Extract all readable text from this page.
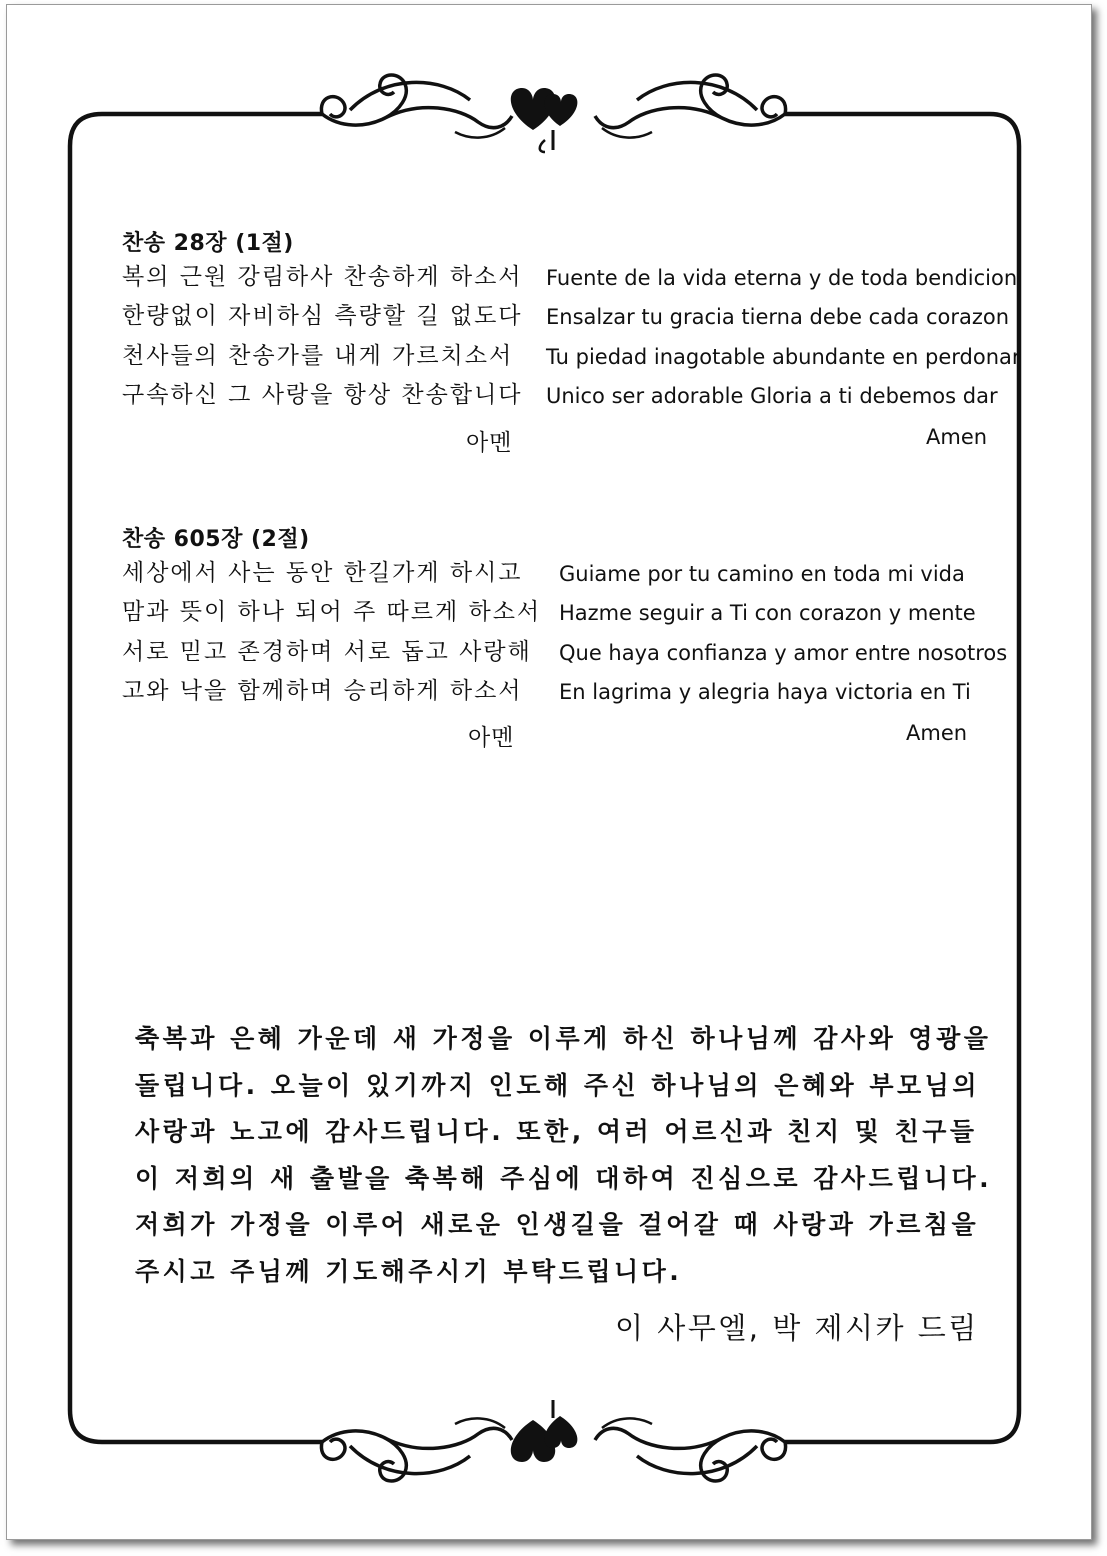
찬송 28장 (1절)
복의 근원 강림하사 찬송하게 하소서
한량없이 자비하심 측량할 길 없도다
천사들의 찬송가를 내게 가르치소서
구속하신 그 사랑을 항상 찬송합니다
아멘
Fuente de la vida eterna y de toda bendicion
Ensalzar tu gracia tierna debe cada corazon
Tu piedad inagotable abundante en perdonar
Unico ser adorable Gloria a ti debemos dar
Amen
찬송 605장 (2절)
세상에서 사는 동안 한길가게 하시고
맘과 뜻이 하나 되어 주 따르게 하소서
서로 믿고 존경하며 서로 돕고 사랑해
고와 낙을 함께하며 승리하게 하소서
아멘
Guiame por tu camino en toda mi vida
Hazme seguir a Ti con corazon y mente
Que haya confianza y amor entre nosotros
En lagrima y alegria haya victoria en Ti
Amen
축복과 은혜 가운데 새 가정을 이루게 하신 하나님께 감사와 영광을
돌립니다. 오늘이 있기까지 인도해 주신 하나님의 은혜와 부모님의
사랑과 노고에 감사드립니다. 또한, 여러 어르신과 친지 및 친구들
이 저희의 새 출발을 축복해 주심에 대하여 진심으로 감사드립니다.
저희가 가정을 이루어 새로운 인생길을 걸어갈 때 사랑과 가르침을
주시고 주님께 기도해주시기 부탁드립니다.
이 사무엘, 박 제시카 드림
